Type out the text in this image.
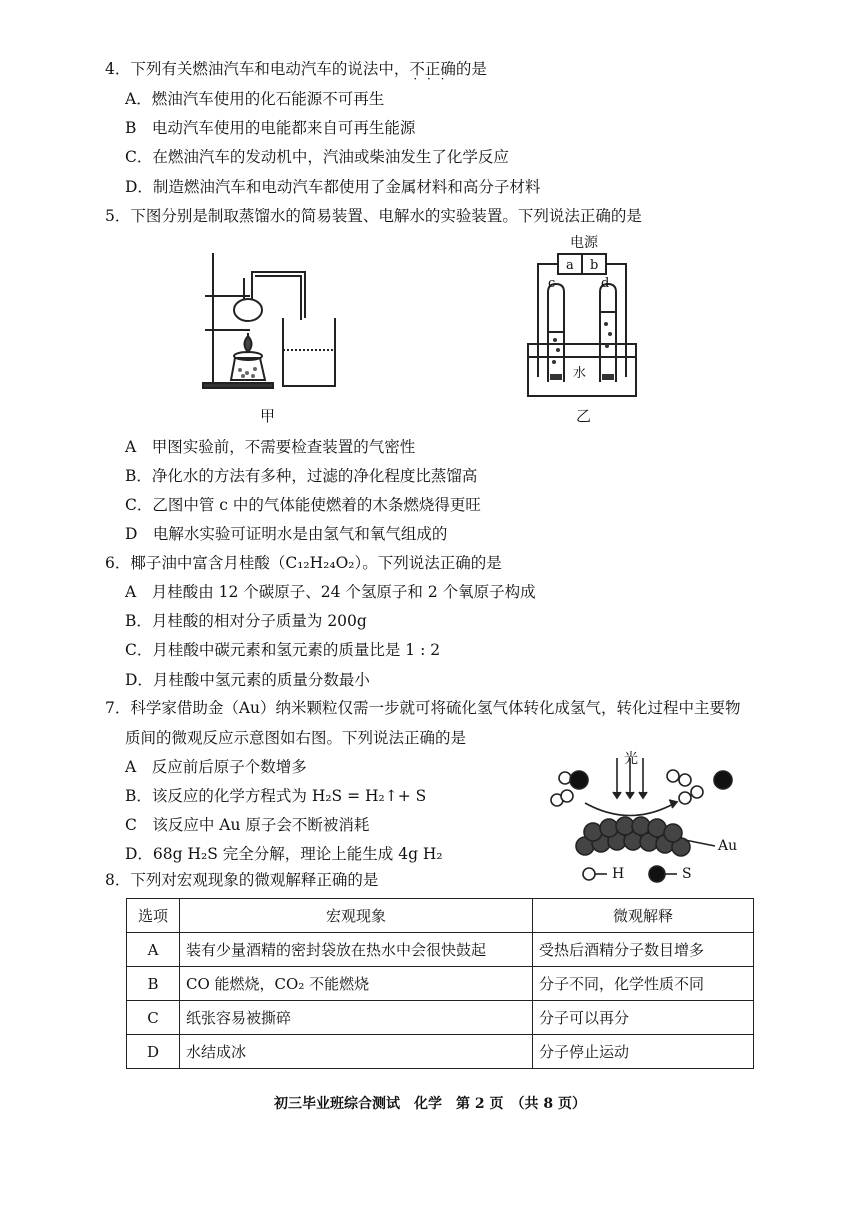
4．下列有关燃油汽车和电动汽车的说法中，不正确 · · ·的是
A．燃油汽车使用的化石能源不可再生
B　电动汽车使用的电能都来自可再生能源
C．在燃油汽车的发动机中，汽油或柴油发生了化学反应
D．制造燃油汽车和电动汽车都使用了金属材料和高分子材料
5．下图分别是制取蒸馏水的简易装置、电解水的实验装置。下列说法正确的是
甲
电源
a b
c	d
水
乙
A　甲图实验前，不需要检查装置的气密性
B．净化水的方法有多种，过滤的净化程度比蒸馏高
C．乙图中管 c 中的气体能使燃着的木条燃烧得更旺
D　电解水实验可证明水是由氢气和氧气组成的
6．椰子油中富含月桂酸（C₁₂H₂₄O₂）。下列说法正确的是
A　月桂酸由 12 个碳原子、24 个氢原子和 2 个氧原子构成
B．月桂酸的相对分子质量为 200g
C．月桂酸中碳元素和氢元素的质量比是 1 : 2
D．月桂酸中氢元素的质量分数最小
7．科学家借助金（Au）纳米颗粒仅需一步就可将硫化氢气体转化成氢气，转化过程中主要物
质间的微观反应示意图如右图。下列说法正确的是
A　反应前后原子个数增多
B．该反应的化学方程式为 H₂S = H₂↑+ S
C　该反应中 Au 原子会不断被消耗
D．68g H₂S 完全分解，理论上能生成 4g H₂
光
Au
H	S
8．下列对宏观现象的微观解释正确的是
选项	宏观现象	微观解释
A	装有少量酒精的密封袋放在热水中会很快鼓起	受热后酒精分子数目增多
B	CO 能燃烧，CO₂ 不能燃烧	分子不同，化学性质不同
C	纸张容易被撕碎	分子可以再分
D	水结成冰	分子停止运动
初三毕业班综合测试　化学　第 2 页　（共 8 页）
